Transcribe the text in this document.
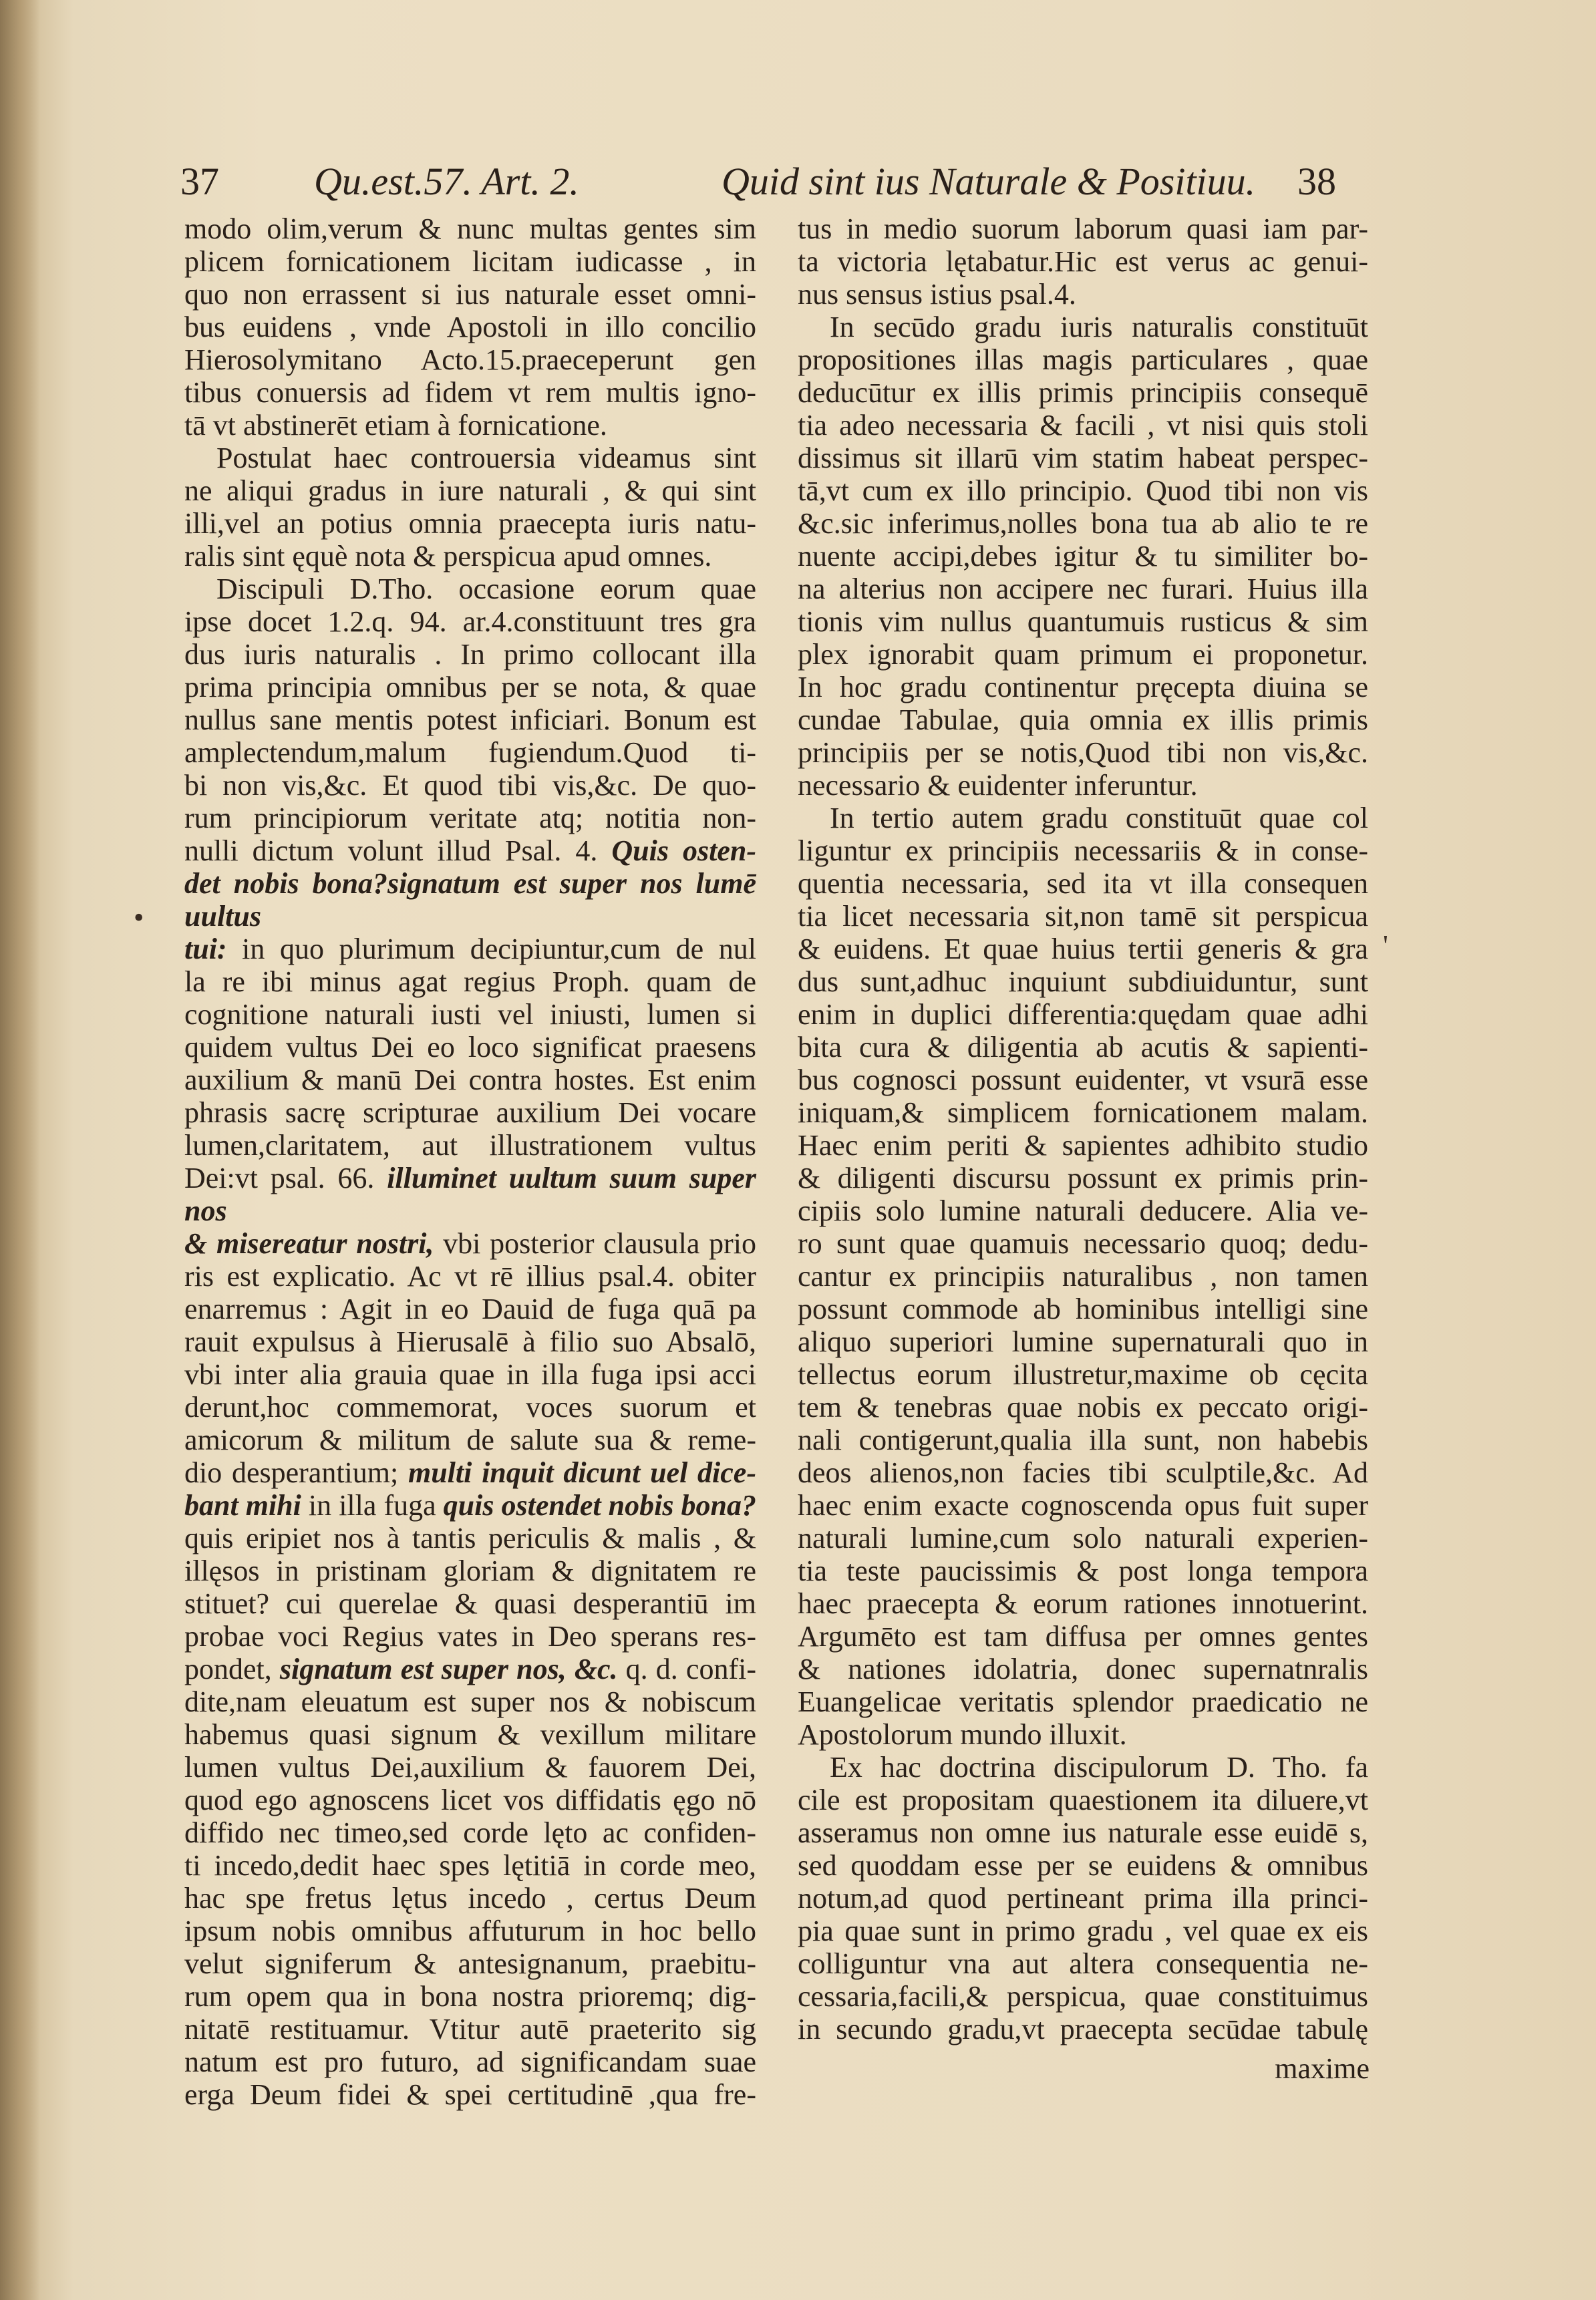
37 Qu.est.57. Art. 2.	Quid sint ius Naturale & Positiuu. 38

modo olim,verum & nunc multas gentes sim

plicem fornicationem licitam iudicasse , in

quo non errassent si ius naturale esset omni-

bus euidens , vnde Apostoli in illo concilio

Hierosolymitano Acto.15.praeceperunt gen

tibus conuersis ad fidem vt rem multis igno-

tā vt abstinerēt etiam à fornicatione.

Postulat haec controuersia videamus sint

ne aliqui gradus in iure naturali , & qui sint

illi,vel an potius omnia praecepta iuris natu-

ralis sint ęquè nota & perspicua apud omnes.

Discipuli D.Tho. occasione eorum quae

ipse docet 1.2.q. 94. ar.4.constituunt tres gra

dus iuris naturalis . In primo collocant illa

prima principia omnibus per se nota, & quae

nullus sane mentis potest inficiari. Bonum est

amplectendum,malum fugiendum.Quod ti-

bi non vis,&c. Et quod tibi vis,&c. De quo-

rum principiorum veritate atq; notitia non-

nulli dictum volunt illud Psal. 4. Quis osten-

det nobis bona?signatum est super nos lumē uultus

tui: in quo plurimum decipiuntur,cum de nul

la re ibi minus agat regius Proph. quam de

cognitione naturali iusti vel iniusti, lumen si

quidem vultus Dei eo loco significat praesens

auxilium & manū Dei contra hostes. Est enim

phrasis sacrę scripturae auxilium Dei vocare

lumen,claritatem, aut illustrationem vultus

Dei:vt psal. 66. illuminet uultum suum super nos

& misereatur nostri, vbi posterior clausula prio

ris est explicatio. Ac vt rē illius psal.4. obiter

enarremus : Agit in eo Dauid de fuga quā pa

rauit expulsus à Hierusalē à filio suo Absalō,

vbi inter alia grauia quae in illa fuga ipsi acci

derunt,hoc commemorat, voces suorum et

amicorum & militum de salute sua & reme-

dio desperantium; multi inquit dicunt uel dice-

bant mihi in illa fuga quis ostendet nobis bona?

quis eripiet nos à tantis periculis & malis , &

illęsos in pristinam gloriam & dignitatem re

stituet? cui querelae & quasi desperantiū im

probae voci Regius vates in Deo sperans res-

pondet, signatum est super nos, &c. q. d. confi-

dite,nam eleuatum est super nos & nobiscum

habemus quasi signum & vexillum militare

lumen vultus Dei,auxilium & fauorem Dei,

quod ego agnoscens licet vos diffidatis ęgo nō

diffido nec timeo,sed corde lęto ac confiden-

ti incedo,dedit haec spes lętitiā in corde meo,

hac spe fretus lętus incedo , certus Deum

ipsum nobis omnibus affuturum in hoc bello

velut signiferum & antesignanum, praebitu-

rum opem qua in bona nostra prioremq; dig-

nitatē restituamur. Vtitur autē praeterito sig

natum est pro futuro, ad significandam suae

erga Deum fidei & spei certitudinē ,qua fre-

tus in medio suorum laborum quasi iam par-

ta victoria lętabatur.Hic est verus ac genui-

nus sensus istius psal.4.

In secūdo gradu iuris naturalis constituūt

propositiones illas magis particulares , quae

deducūtur ex illis primis principiis consequē

tia adeo necessaria & facili , vt nisi quis stoli

dissimus sit illarū vim statim habeat perspec-

tā,vt cum ex illo principio. Quod tibi non vis

&c.sic inferimus,nolles bona tua ab alio te re

nuente accipi,debes igitur & tu similiter bo-

na alterius non accipere nec furari. Huius illa

tionis vim nullus quantumuis rusticus & sim

plex ignorabit quam primum ei proponetur.

In hoc gradu continentur pręcepta diuina se

cundae Tabulae, quia omnia ex illis primis

principiis per se notis,Quod tibi non vis,&c.

necessario & euidenter inferuntur.

In tertio autem gradu constituūt quae col

liguntur ex principiis necessariis & in conse-

quentia necessaria, sed ita vt illa consequen

tia licet necessaria sit,non tamē sit perspicua

& euidens. Et quae huius tertii generis & gra

dus sunt,adhuc inquiunt subdiuiduntur, sunt

enim in duplici differentia:quędam quae adhi

bita cura & diligentia ab acutis & sapienti-

bus cognosci possunt euidenter, vt vsurā esse

iniquam,& simplicem fornicationem malam.

Haec enim periti & sapientes adhibito studio

& diligenti discursu possunt ex primis prin-

cipiis solo lumine naturali deducere. Alia ve-

ro sunt quae quamuis necessario quoq; dedu-

cantur ex principiis naturalibus , non tamen

possunt commode ab hominibus intelligi sine

aliquo superiori lumine supernaturali quo in

tellectus eorum illustretur,maxime ob cęcita

tem & tenebras quae nobis ex peccato origi-

nali contigerunt,qualia illa sunt, non habebis

deos alienos,non facies tibi sculptile,&c. Ad

haec enim exacte cognoscenda opus fuit super

naturali lumine,cum solo naturali experien-

tia teste paucissimis & post longa tempora

haec praecepta & eorum rationes innotuerint.

Argumēto est tam diffusa per omnes gentes

& nationes idolatria, donec supernatnralis

Euangelicae veritatis splendor praedicatio ne

Apostolorum mundo illuxit.

Ex hac doctrina discipulorum D. Tho. fa

cile est propositam quaestionem ita diluere,vt

asseramus non omne ius naturale esse euidē s,

sed quoddam esse per se euidens & omnibus

notum,ad quod pertineant prima illa princi-

pia quae sunt in primo gradu , vel quae ex eis

colliguntur vna aut altera consequentia ne-

cessaria,facili,& perspicua, quae constituimus

in secundo gradu,vt praecepta secūdae tabulę

•
'
maxime
